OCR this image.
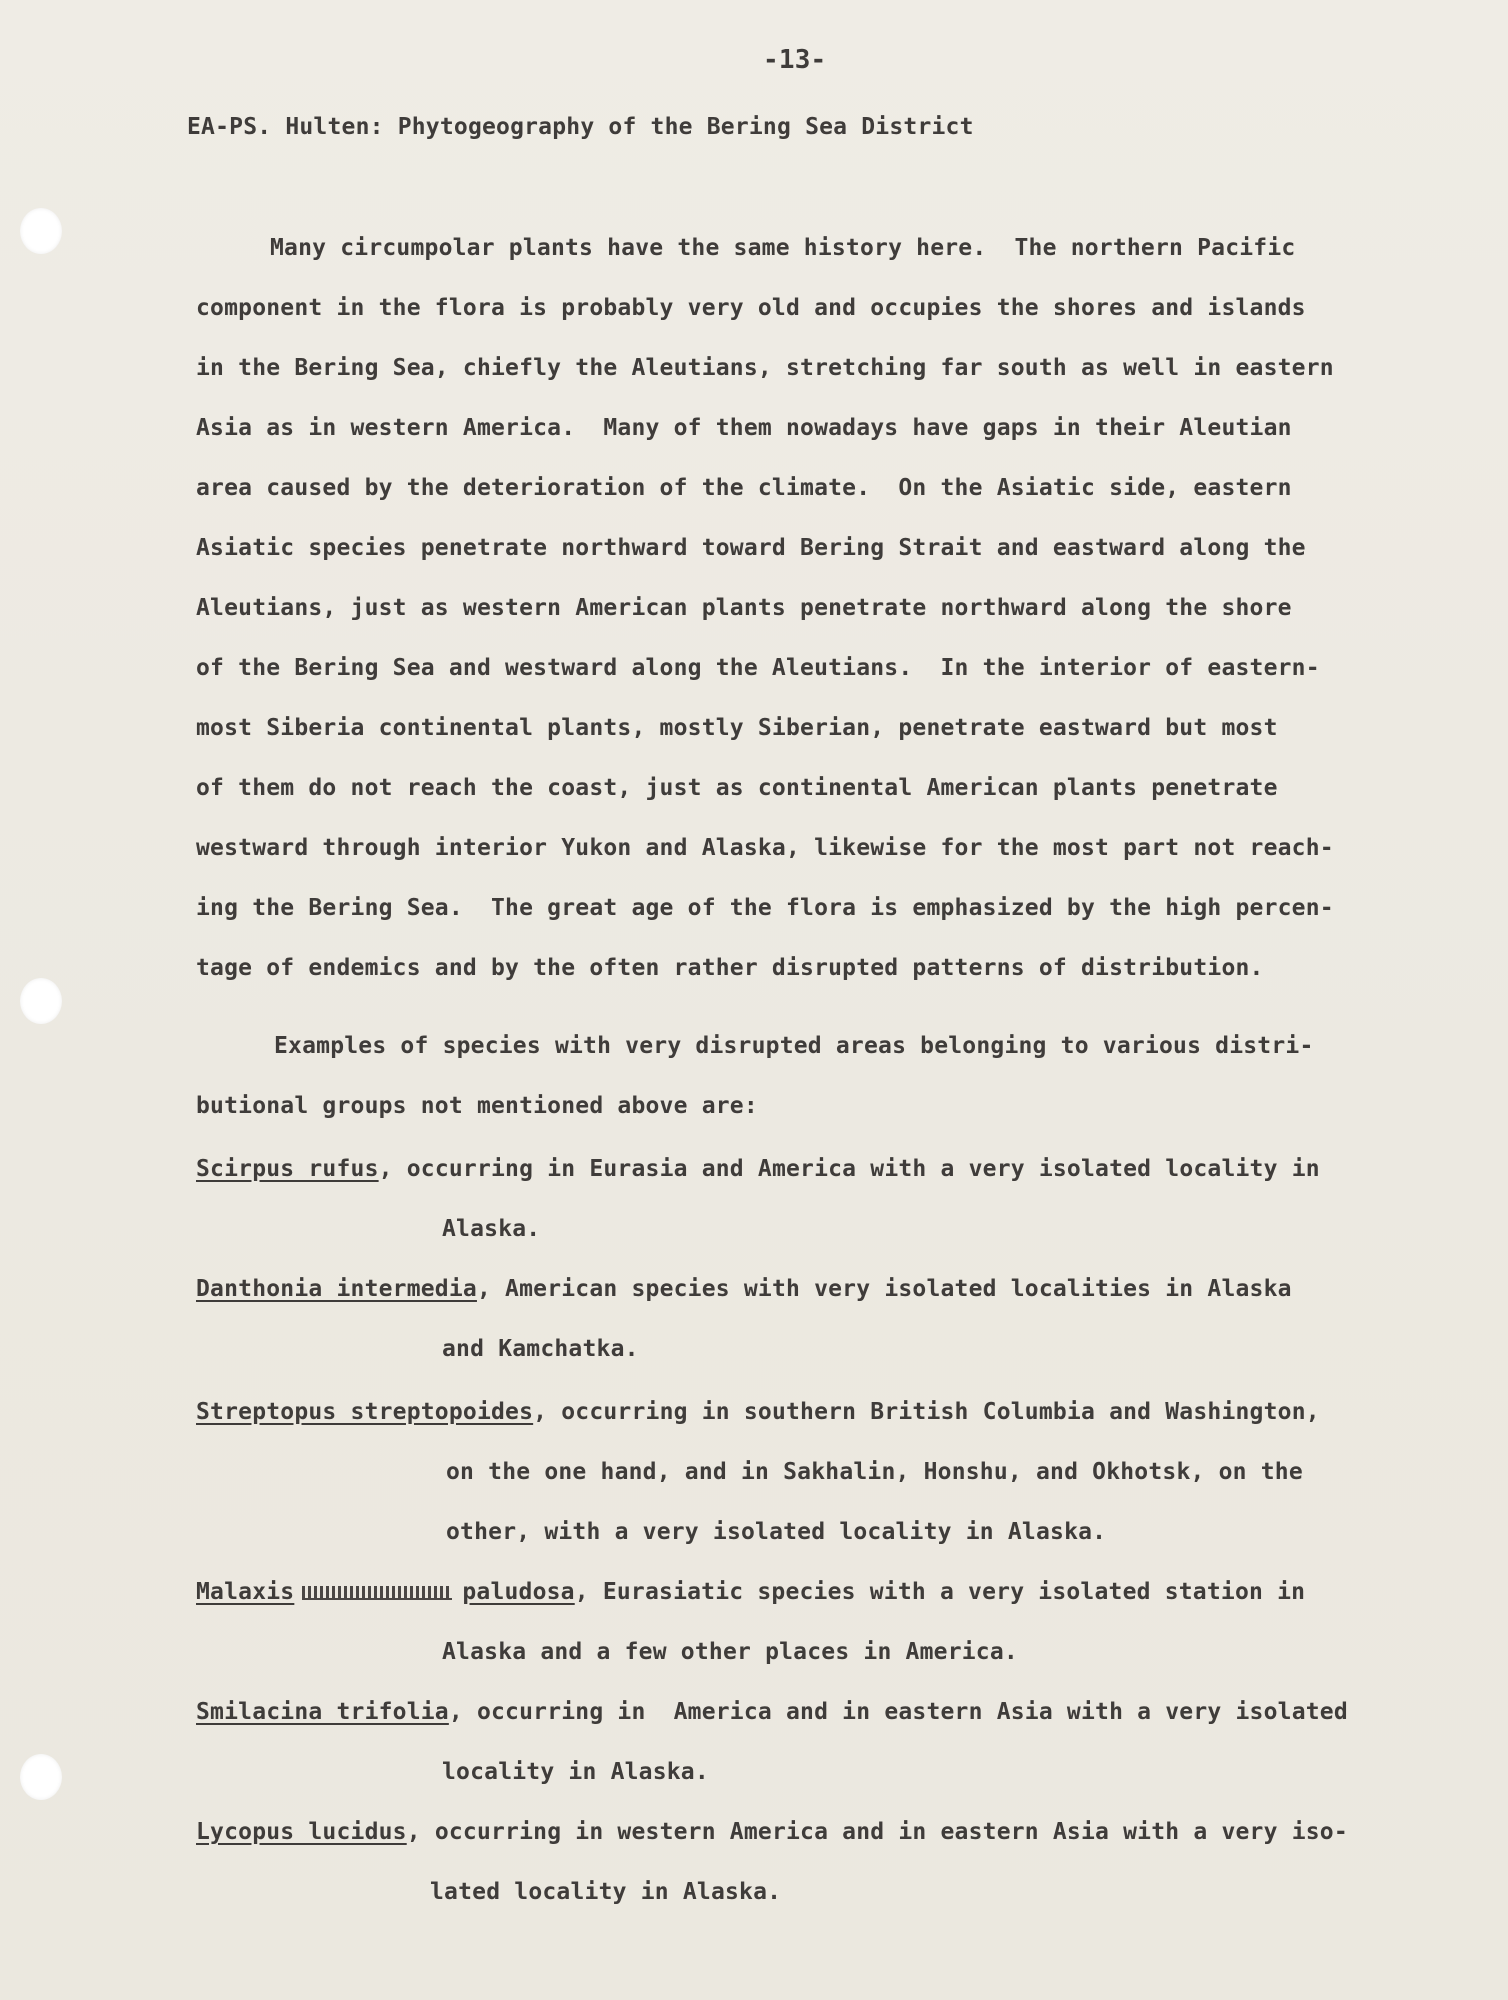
-13-
EA-PS. Hulten: Phytogeography of the Bering Sea District
Many circumpolar plants have the same history here.  The northern Pacific
component in the flora is probably very old and occupies the shores and islands
in the Bering Sea, chiefly the Aleutians, stretching far south as well in eastern
Asia as in western America.  Many of them nowadays have gaps in their Aleutian
area caused by the deterioration of the climate.  On the Asiatic side, eastern
Asiatic species penetrate northward toward Bering Strait and eastward along the
Aleutians, just as western American plants penetrate northward along the shore
of the Bering Sea and westward along the Aleutians.  In the interior of eastern-
most Siberia continental plants, mostly Siberian, penetrate eastward but most
of them do not reach the coast, just as continental American plants penetrate
westward through interior Yukon and Alaska, likewise for the most part not reach-
ing the Bering Sea.  The great age of the flora is emphasized by the high percen-
tage of endemics and by the often rather disrupted patterns of distribution.
Examples of species with very disrupted areas belonging to various distri-
butional groups not mentioned above are:
Scirpus rufus, occurring in Eurasia and America with a very isolated locality in
Alaska.
Danthonia intermedia, American species with very isolated localities in Alaska
and Kamchatka.
Streptopus streptopoides, occurring in southern British Columbia and Washington,
on the one hand, and in Sakhalin, Honshu, and Okhotsk, on the
other, with a very isolated locality in Alaska.
Malaxis	paludosa, Eurasiatic species with a very isolated station in
Alaska and a few other places in America.
Smilacina trifolia, occurring in  America and in eastern Asia with a very isolated
locality in Alaska.
Lycopus lucidus, occurring in western America and in eastern Asia with a very iso-
lated locality in Alaska.
